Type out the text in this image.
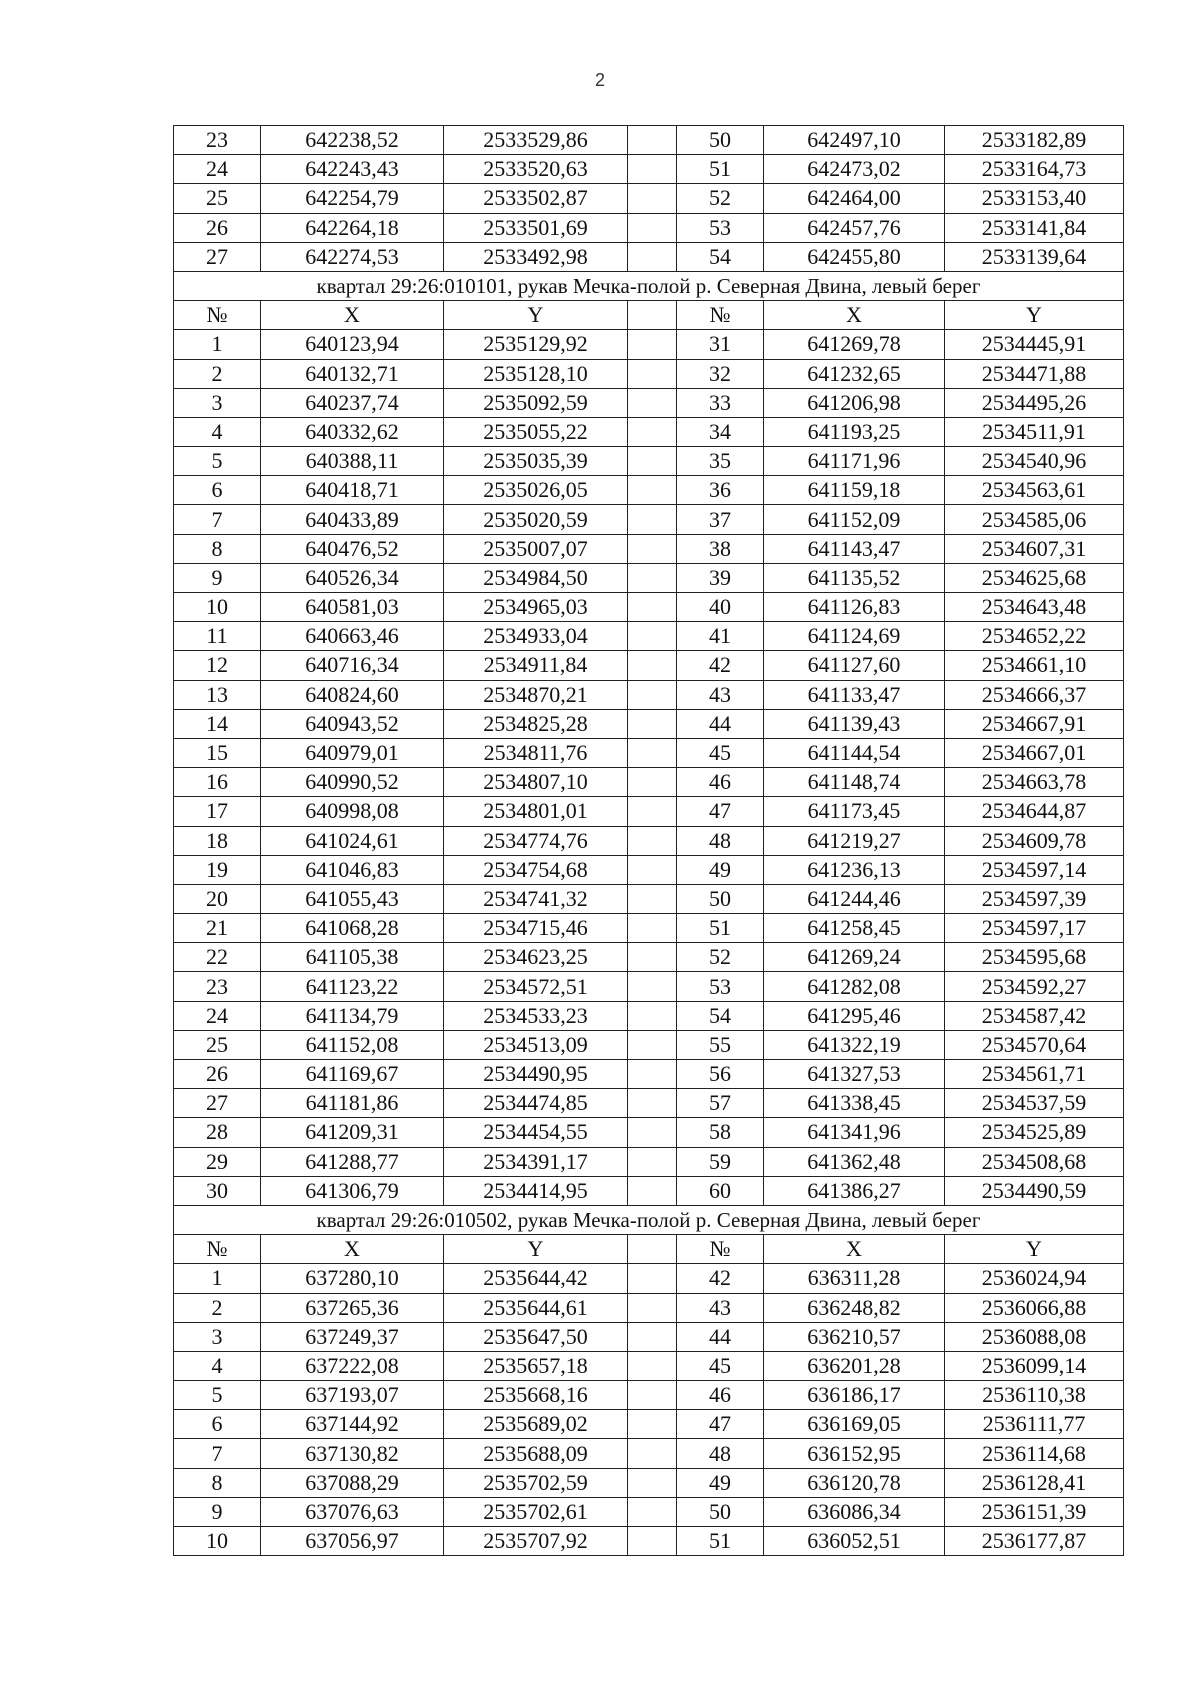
2
23	642238,52	2533529,86		50	642497,10	2533182,89
24	642243,43	2533520,63		51	642473,02	2533164,73
25	642254,79	2533502,87		52	642464,00	2533153,40
26	642264,18	2533501,69		53	642457,76	2533141,84
27	642274,53	2533492,98		54	642455,80	2533139,64
квартал 29:26:010101, рукав Мечка-полой р. Северная Двина, левый берег						
№	X	Y		№	X	Y
1	640123,94	2535129,92		31	641269,78	2534445,91
2	640132,71	2535128,10		32	641232,65	2534471,88
3	640237,74	2535092,59		33	641206,98	2534495,26
4	640332,62	2535055,22		34	641193,25	2534511,91
5	640388,11	2535035,39		35	641171,96	2534540,96
6	640418,71	2535026,05		36	641159,18	2534563,61
7	640433,89	2535020,59		37	641152,09	2534585,06
8	640476,52	2535007,07		38	641143,47	2534607,31
9	640526,34	2534984,50		39	641135,52	2534625,68
10	640581,03	2534965,03		40	641126,83	2534643,48
11	640663,46	2534933,04		41	641124,69	2534652,22
12	640716,34	2534911,84		42	641127,60	2534661,10
13	640824,60	2534870,21		43	641133,47	2534666,37
14	640943,52	2534825,28		44	641139,43	2534667,91
15	640979,01	2534811,76		45	641144,54	2534667,01
16	640990,52	2534807,10		46	641148,74	2534663,78
17	640998,08	2534801,01		47	641173,45	2534644,87
18	641024,61	2534774,76		48	641219,27	2534609,78
19	641046,83	2534754,68		49	641236,13	2534597,14
20	641055,43	2534741,32		50	641244,46	2534597,39
21	641068,28	2534715,46		51	641258,45	2534597,17
22	641105,38	2534623,25		52	641269,24	2534595,68
23	641123,22	2534572,51		53	641282,08	2534592,27
24	641134,79	2534533,23		54	641295,46	2534587,42
25	641152,08	2534513,09		55	641322,19	2534570,64
26	641169,67	2534490,95		56	641327,53	2534561,71
27	641181,86	2534474,85		57	641338,45	2534537,59
28	641209,31	2534454,55		58	641341,96	2534525,89
29	641288,77	2534391,17		59	641362,48	2534508,68
30	641306,79	2534414,95		60	641386,27	2534490,59
квартал 29:26:010502, рукав Мечка-полой р. Северная Двина, левый берег						
№	X	Y		№	X	Y
1	637280,10	2535644,42		42	636311,28	2536024,94
2	637265,36	2535644,61		43	636248,82	2536066,88
3	637249,37	2535647,50		44	636210,57	2536088,08
4	637222,08	2535657,18		45	636201,28	2536099,14
5	637193,07	2535668,16		46	636186,17	2536110,38
6	637144,92	2535689,02		47	636169,05	2536111,77
7	637130,82	2535688,09		48	636152,95	2536114,68
8	637088,29	2535702,59		49	636120,78	2536128,41
9	637076,63	2535702,61		50	636086,34	2536151,39
10	637056,97	2535707,92		51	636052,51	2536177,87
